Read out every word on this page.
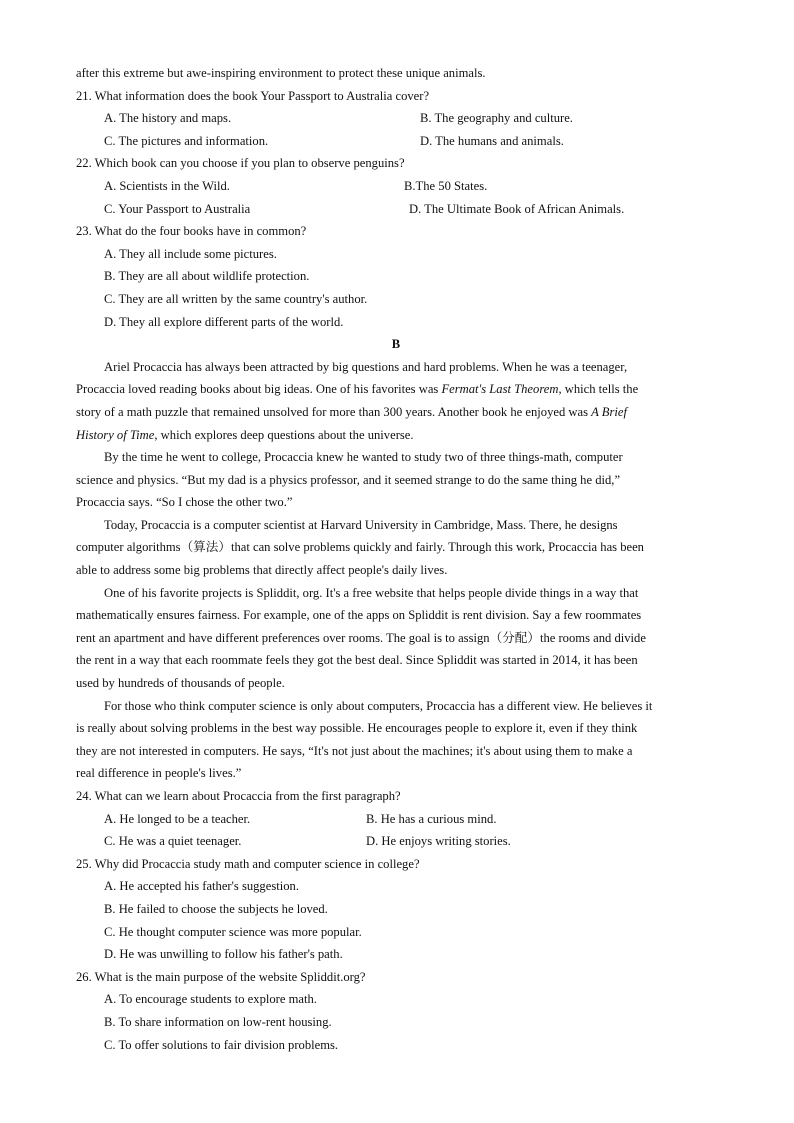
after this extreme but awe-inspiring environment to protect these unique animals.
21. What information does the book Your Passport to Australia cover?
A. The history and maps.	B. The geography and culture.
C. The pictures and information.	D. The humans and animals.
22. Which book can you choose if you plan to observe penguins?
A. Scientists in the Wild.	B.The 50 States.
C. Your Passport to Australia	D. The Ultimate Book of African Animals.
23. What do the four books have in common?
A. They all include some pictures.
B. They are all about wildlife protection.
C. They are all written by the same country's author.
D. They all explore different parts of the world.
B
Ariel Procaccia has always been attracted by big questions and hard problems. When he was a teenager,
Procaccia loved reading books about big ideas. One of his favorites was Fermat's Last Theorem, which tells the
story of a math puzzle that remained unsolved for more than 300 years. Another book he enjoyed was A Brief
History of Time, which explores deep questions about the universe.
By the time he went to college, Procaccia knew he wanted to study two of three things-math, computer
science and physics. “But my dad is a physics professor, and it seemed strange to do the same thing he did,”
Procaccia says. “So I chose the other two.”
Today, Procaccia is a computer scientist at Harvard University in Cambridge, Mass. There, he designs
computer algorithms（算法）that can solve problems quickly and fairly. Through this work, Procaccia has been
able to address some big problems that directly affect people's daily lives.
One of his favorite projects is Spliddit, org. It's a free website that helps people divide things in a way that
mathematically ensures fairness. For example, one of the apps on Spliddit is rent division. Say a few roommates
rent an apartment and have different preferences over rooms. The goal is to assign（分配）the rooms and divide
the rent in a way that each roommate feels they got the best deal. Since Spliddit was started in 2014, it has been
used by hundreds of thousands of people.
For those who think computer science is only about computers, Procaccia has a different view. He believes it
is really about solving problems in the best way possible. He encourages people to explore it, even if they think
they are not interested in computers. He says, “It's not just about the machines; it's about using them to make a
real difference in people's lives.”
24. What can we learn about Procaccia from the first paragraph?
A. He longed to be a teacher.	B. He has a curious mind.
C. He was a quiet teenager.	D. He enjoys writing stories.
25. Why did Procaccia study math and computer science in college?
A. He accepted his father's suggestion.
B. He failed to choose the subjects he loved.
C. He thought computer science was more popular.
D. He was unwilling to follow his father's path.
26. What is the main purpose of the website Spliddit.org?
A. To encourage students to explore math.
B. To share information on low-rent housing.
C. To offer solutions to fair division problems.
